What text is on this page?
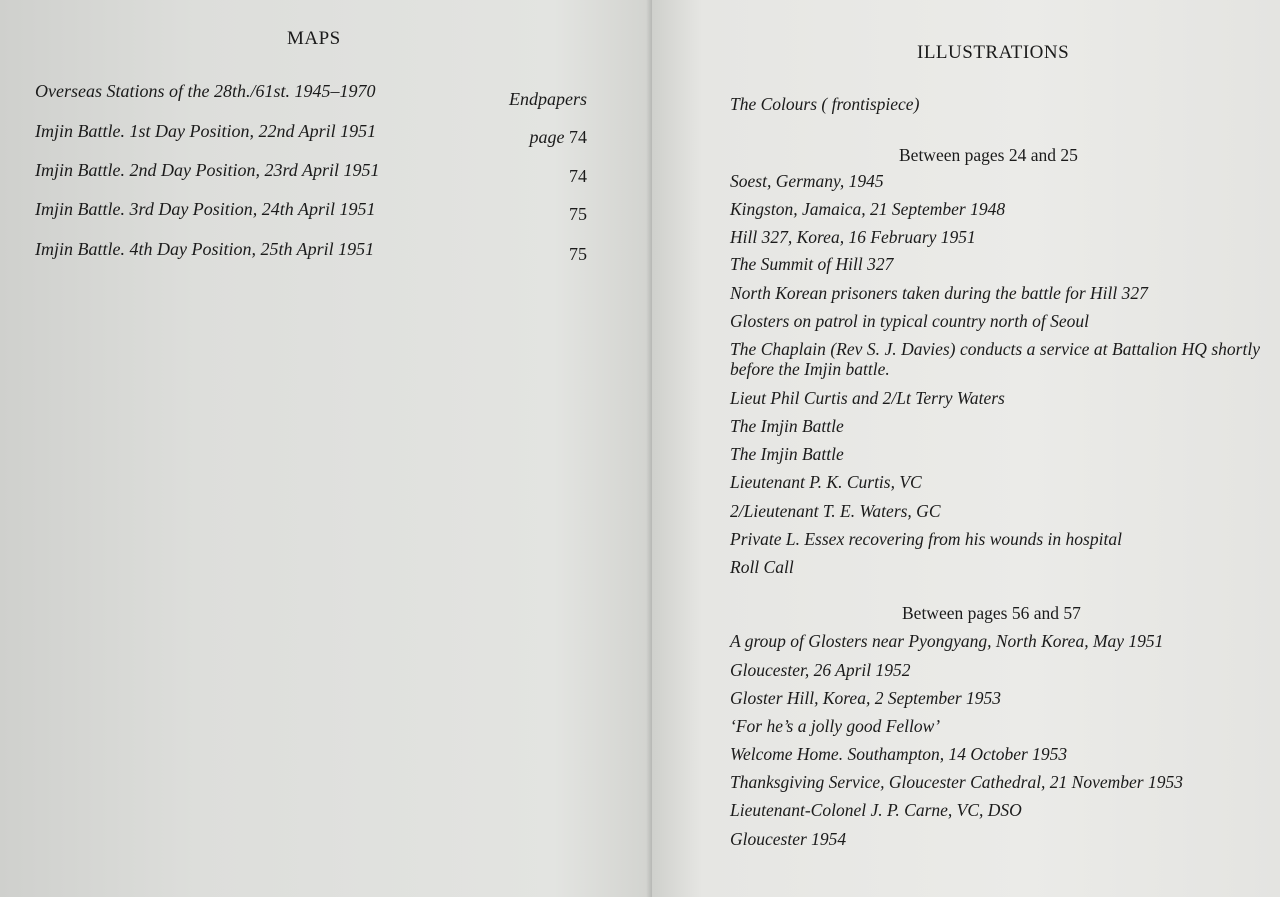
MAPS
Overseas Stations of the 28th./61st. 1945–1970	Endpapers
Imjin Battle. 1st Day Position, 22nd April 1951	page 74
Imjin Battle. 2nd Day Position, 23rd April 1951	74
Imjin Battle. 3rd Day Position, 24th April 1951	75
Imjin Battle. 4th Day Position, 25th April 1951	75
ILLUSTRATIONS
The Colours ( frontispiece)
Between pages 24 and 25
Soest, Germany, 1945
Kingston, Jamaica, 21 September 1948
Hill 327, Korea, 16 February 1951
The Summit of Hill 327
North Korean prisoners taken during the battle for Hill 327
Glosters on patrol in typical country north of Seoul
The Chaplain (Rev S. J. Davies) conducts a service at Battalion HQ shortly before the Imjin battle.
Lieut Phil Curtis and 2/Lt Terry Waters
The Imjin Battle
The Imjin Battle
Lieutenant P. K. Curtis, VC
2/Lieutenant T. E. Waters, GC
Private L. Essex recovering from his wounds in hospital
Roll Call
Between pages 56 and 57
A group of Glosters near Pyongyang, North Korea, May 1951
Gloucester, 26 April 1952
Gloster Hill, Korea, 2 September 1953
‘For he’s a jolly good Fellow’
Welcome Home. Southampton, 14 October 1953
Thanksgiving Service, Gloucester Cathedral, 21 November 1953
Lieutenant-Colonel J. P. Carne, VC, DSO
Gloucester 1954
